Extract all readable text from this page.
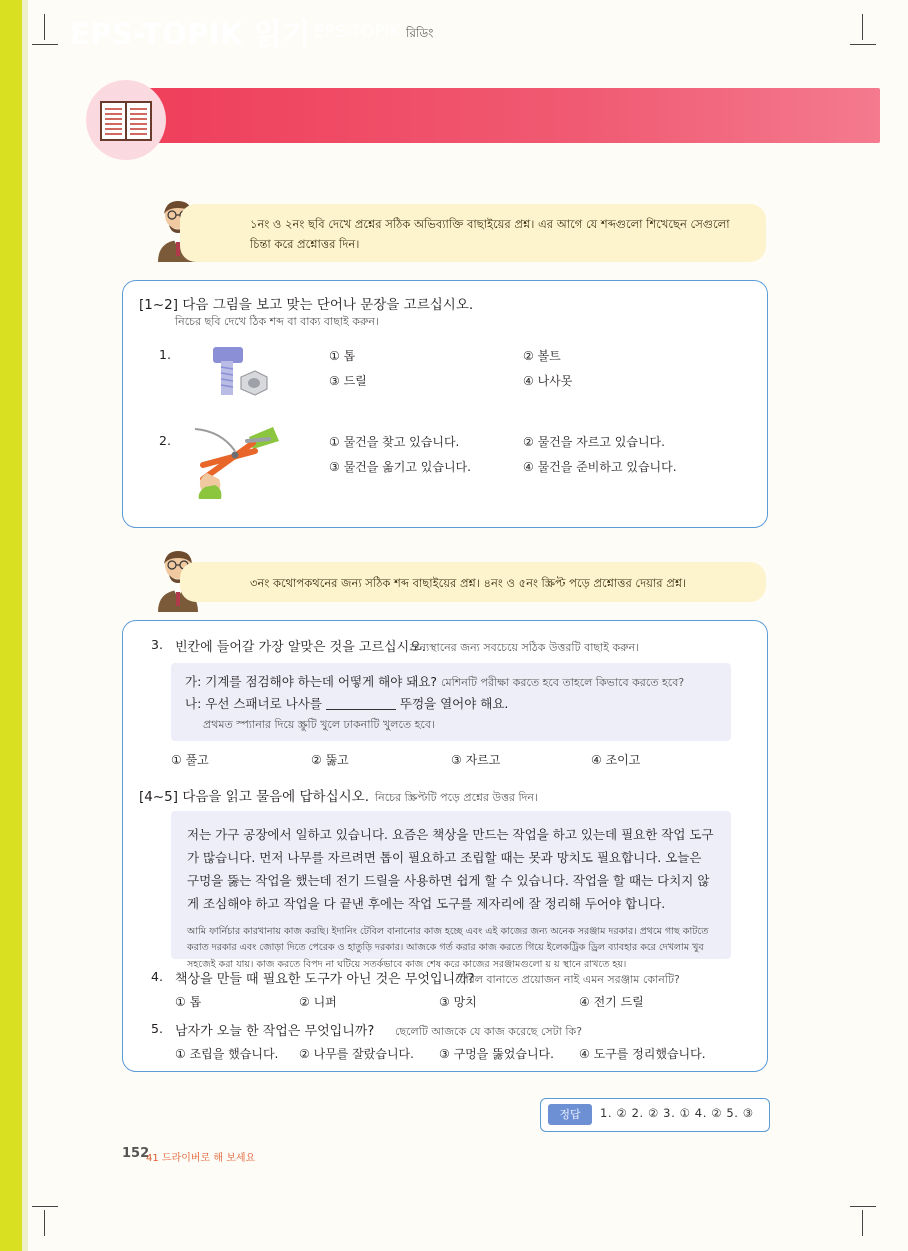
EPS-TOPIK 읽기 EPS-TOPIK রিডিং
১নং ও ২নং ছবি দেখে প্রশ্নের সঠিক অভিব্যাক্তি বাছাইয়ের প্রশ্ন। এর আগে যে শব্দগুলো শিখেছেন সেগুলো চিন্তা করে প্রশ্নোত্তর দিন।
[1~2] 다음 그림을 보고 맞는 단어나 문장을 고르십시오.
নিচের ছবি দেখে ঠিক শব্দ বা বাক্য বাছাই করুন।
1.	① 톱	② 볼트
③ 드릴	④ 나사못
2.	① 물건을 찾고 있습니다.	② 물건을 자르고 있습니다.
③ 물건을 옮기고 있습니다.	④ 물건을 준비하고 있습니다.
৩নং কথোপকথনের জন্য সঠিক শব্দ বাছাইয়ের প্রশ্ন। ৪নং ও ৫নং স্ক্রিপ্ট পড়ে প্রশ্নোত্তর দেয়ার প্রশ্ন।
3. 빈칸에 들어갈 가장 알맞은 것을 고르십시오.
শুন্যস্থানের জন্য সবচেয়ে সঠিক উত্তরটি বাছাই করুন।
가: 기계를 점검해야 하는데 어떻게 해야 돼요? মেশিনটি পরীক্ষা করতে হবে তাহলে কিভাবে করতে হবে?
나: 우선 스패너로 나사를	뚜껑을 열어야 해요.
প্রথমত স্প্যানার দিয়ে স্ক্রুটি খুলে ঢাকনাটি খুলতে হবে।
① 풀고	② 뚫고	③ 자르고	④ 조이고
[4~5] 다음을 읽고 물음에 답하십시오. নিচের স্ক্রিপ্টটি পড়ে প্রশ্নের উত্তর দিন।
저는 가구 공장에서 일하고 있습니다. 요즘은 책상을 만드는 작업을 하고 있는데 필요한 작업 도구가 많습니다. 먼저 나무를 자르려면 톱이 필요하고 조립할 때는 못과 망치도 필요합니다. 오늘은 구멍을 뚫는 작업을 했는데 전기 드릴을 사용하면 쉽게 할 수 있습니다. 작업을 할 때는 다치지 않게 조심해야 하고 작업을 다 끝낸 후에는 작업 도구를 제자리에 잘 정리해 두어야 합니다.
আমি ফার্নিচার কারখানায় কাজ করছি। ইদানিং টেবিল বানানোর কাজ হচ্ছে এবং এই কাজের জন্য অনেক সরঞ্জাম দরকার। প্রথমে গাছ কাটতে করাত দরকার এবং জোড়া দিতে পেরেক ও হাতুড়ি দরকার। আজকে গর্ত করার কাজ করতে গিয়ে ইলেকট্রিক ড্রিল ব্যাবহার করে দেখলাম খুব সহজেই করা যায়। কাজ করতে বিপদ না ঘটিয়ে সতর্কভাবে কাজ শেষ করে কাজের সরঞ্জামগুলো য় য় স্থানে রাখতে হয়।
4. 책상을 만들 때 필요한 도구가 아닌 것은 무엇입니까?
টেবিল বানাতে প্রয়োজন নাই এমন সরঞ্জাম কোনটি?
① 톱	② 니퍼	③ 망치	④ 전기 드릴
5. 남자가 오늘 한 작업은 무엇입니까? ছেলেটি আজকে যে কাজ করেছে সেটা কি?
① 조립을 했습니다. ② 나무를 잘랐습니다. ③ 구멍을 뚫었습니다. ④ 도구를 정리했습니다.
정답	1. ② 2. ② 3. ① 4. ② 5. ③
152
41 드라이버로 해 보세요
